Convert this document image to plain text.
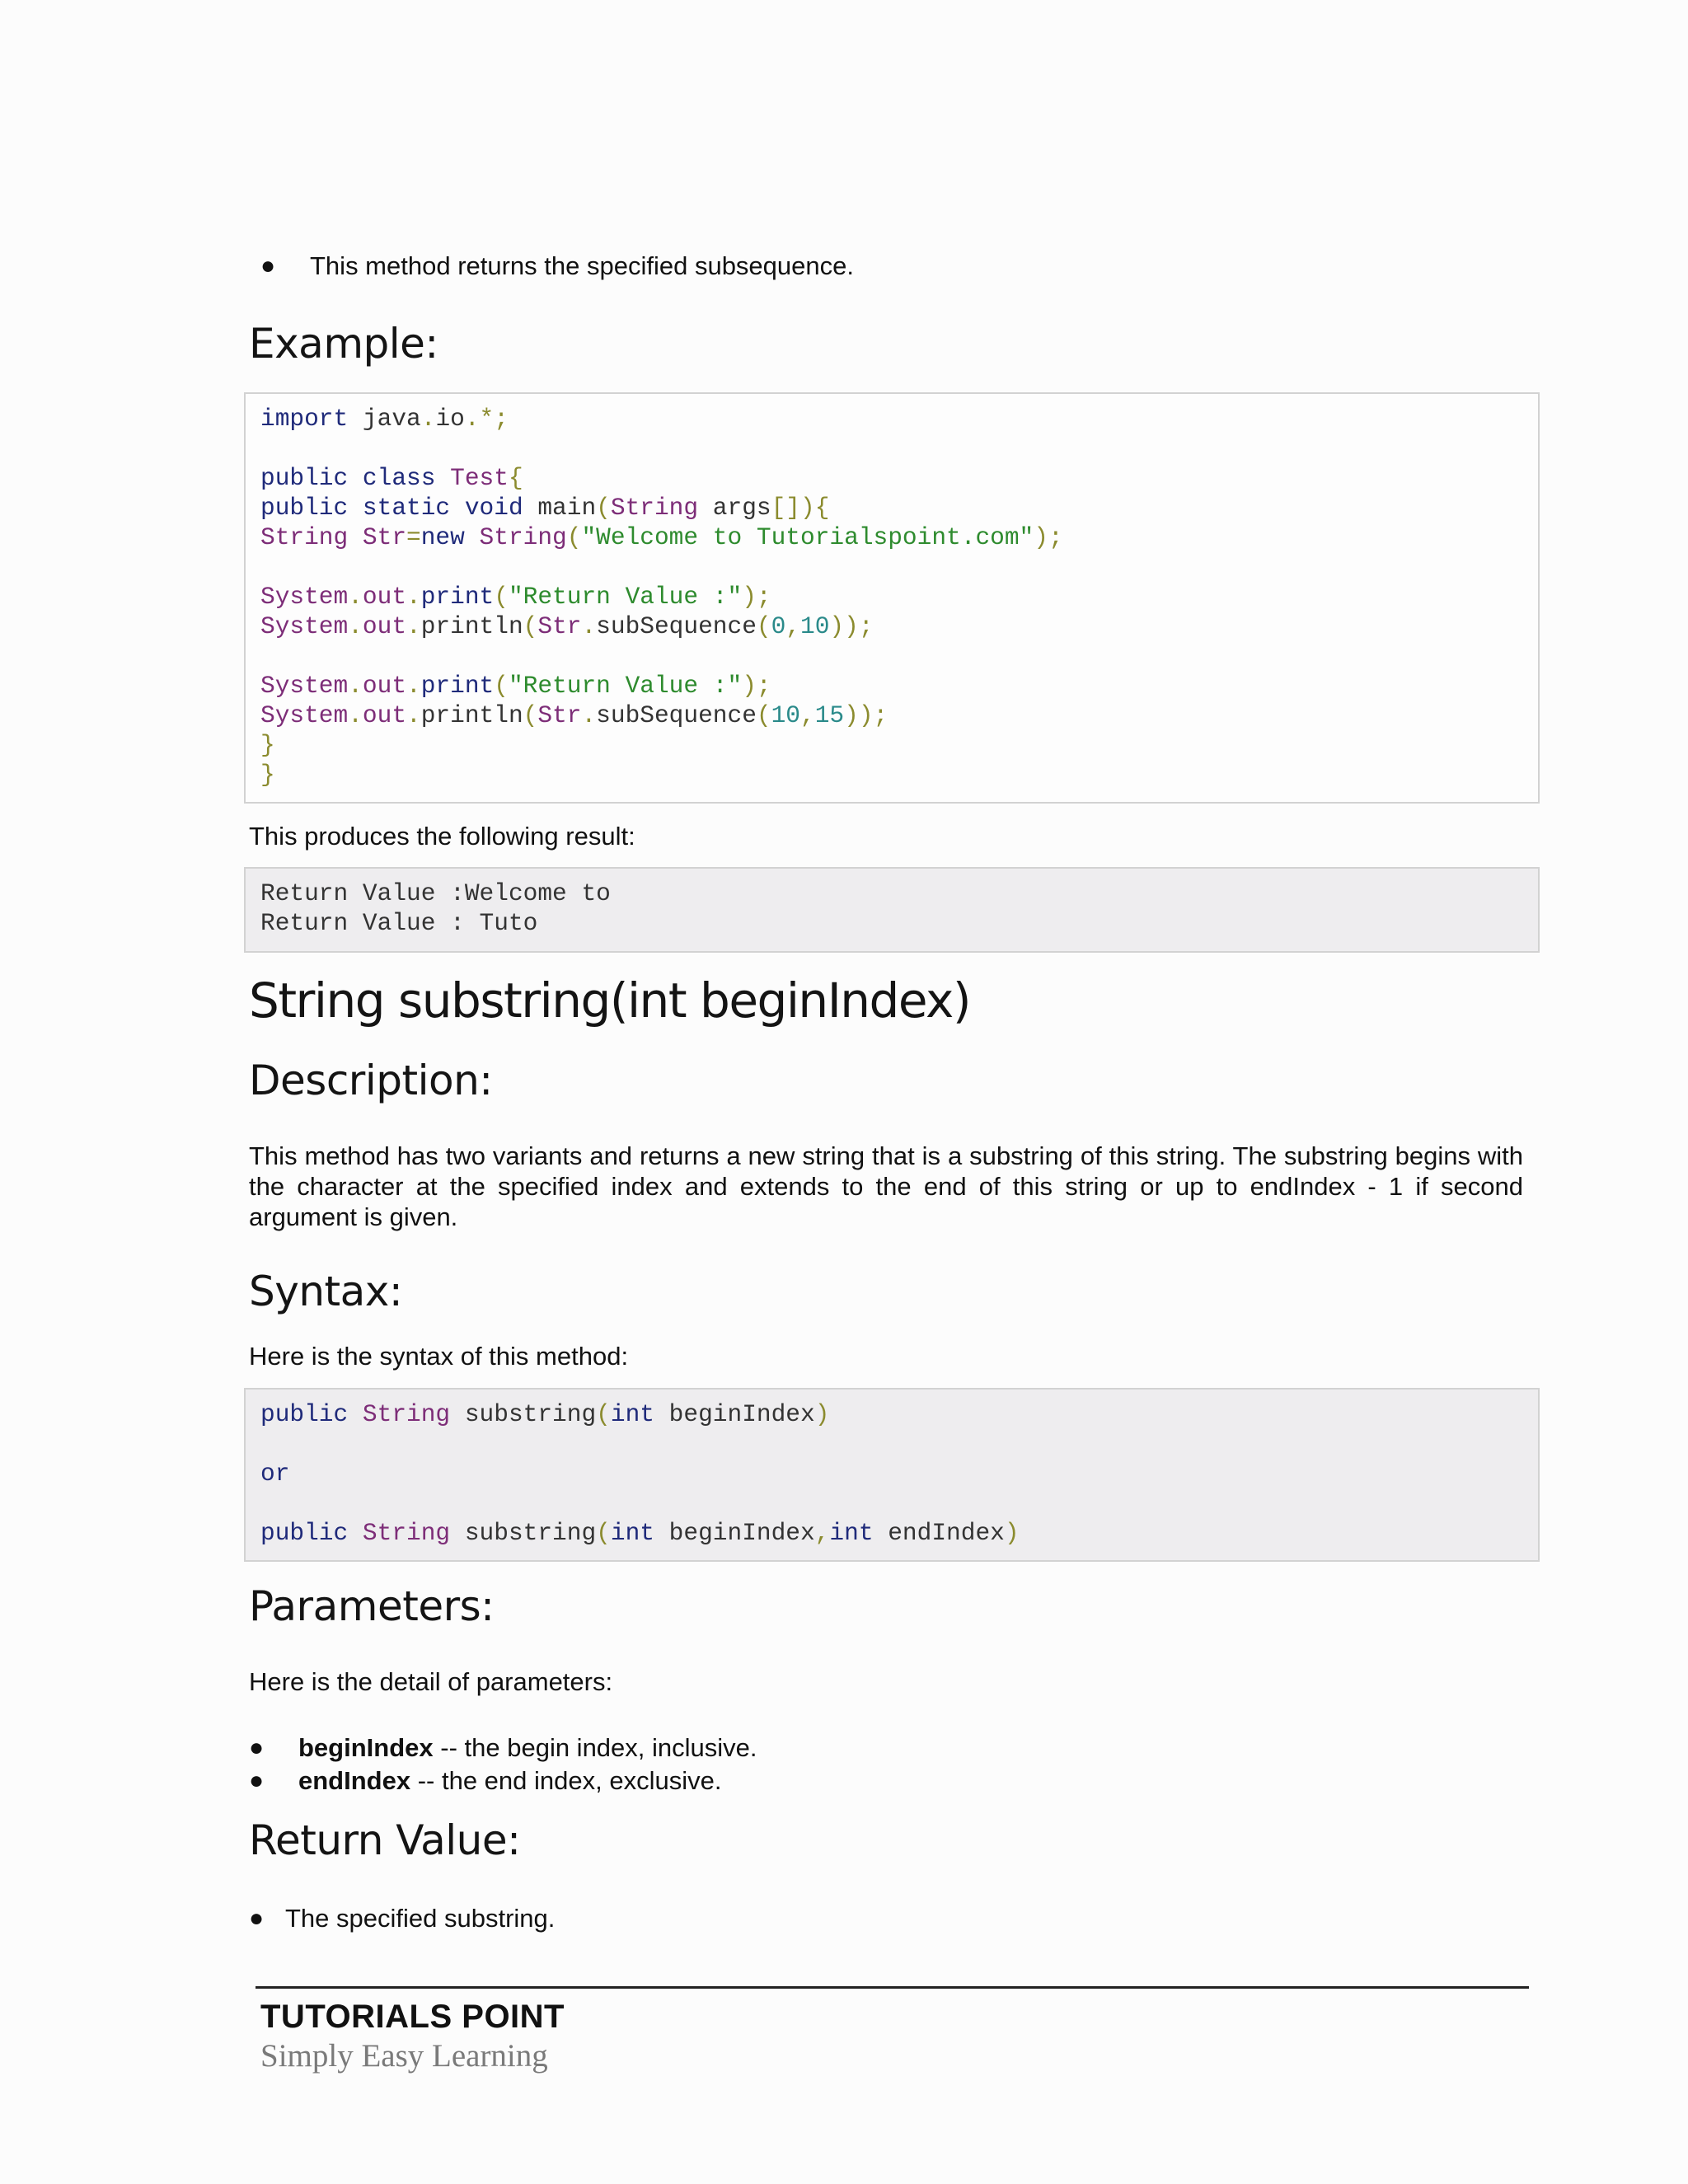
● This method returns the specified subsequence.
Example:
import java.io.*;

public class Test{
public static void main(String args[]){
String Str=new String("Welcome to Tutorialspoint.com");

System.out.print("Return Value :");
System.out.println(Str.subSequence(0,10));

System.out.print("Return Value :");
System.out.println(Str.subSequence(10,15));
}
}

This produces the following result:

Return Value :Welcome to
Return Value : Tuto
String substring(int beginIndex)
Description:

This method has two variants and returns a new string that is a substring of this string. The substring begins with the character at the specified index and extends to the end of this string or up to endIndex - 1 if second argument is given.

Syntax:

Here is the syntax of this method:

public String substring(int beginIndex)

or

public String substring(int beginIndex,int endIndex)
Parameters:

Here is the detail of parameters:

● beginIndex -- the begin index, inclusive.
● endIndex -- the end index, exclusive.
Return Value:
● The specified substring.
TUTORIALS POINT
Simply Easy Learning
